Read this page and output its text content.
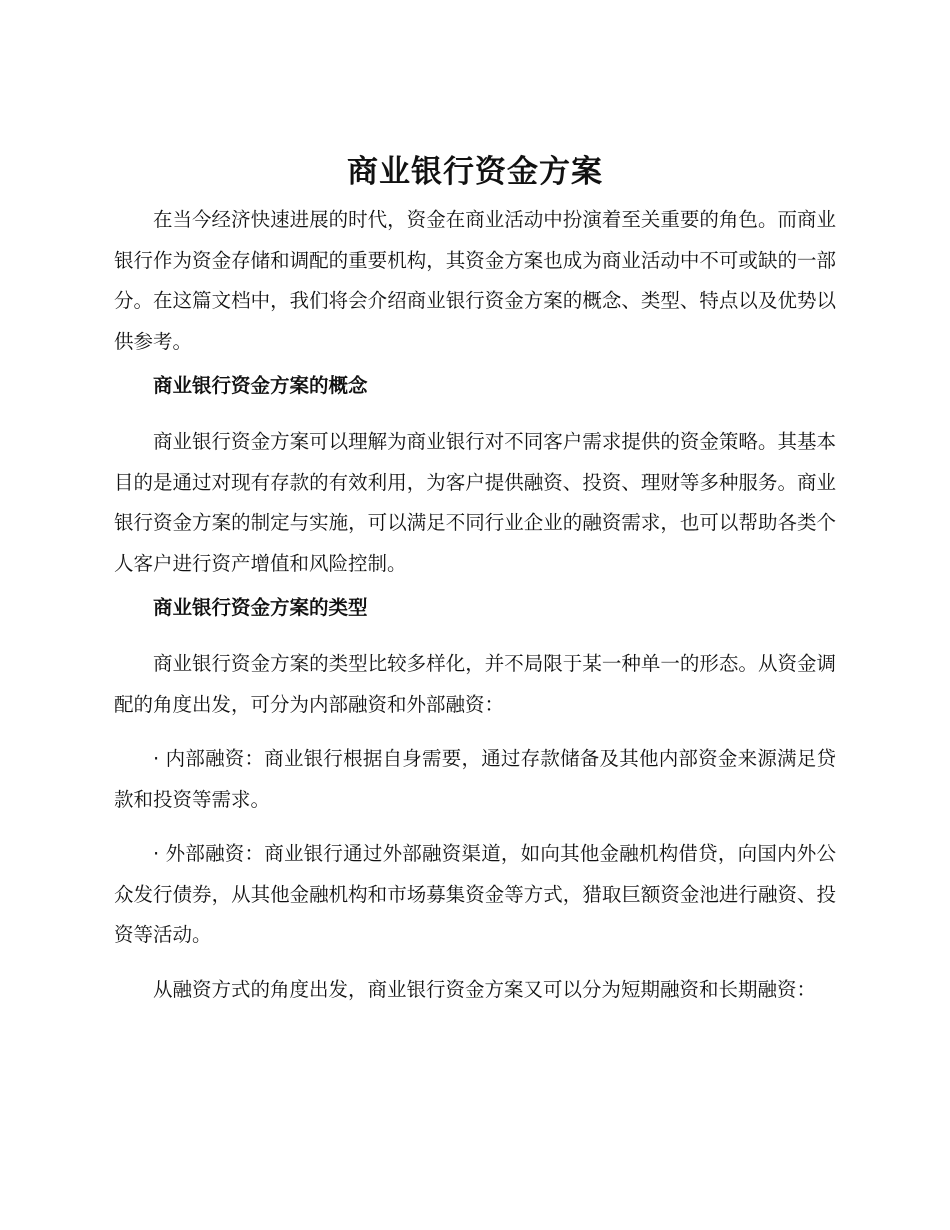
商业银行资金方案

在当今经济快速进展的时代，资金在商业活动中扮演着至关重要的角色。而商业银行作为资金存储和调配的重要机构，其资金方案也成为商业活动中不可或缺的一部分。在这篇文档中，我们将会介绍商业银行资金方案的概念、类型、特点以及优势以供参考。

商业银行资金方案的概念

商业银行资金方案可以理解为商业银行对不同客户需求提供的资金策略。其基本目的是通过对现有存款的有效利用，为客户提供融资、投资、理财等多种服务。商业银行资金方案的制定与实施，可以满足不同行业企业的融资需求，也可以帮助各类个人客户进行资产增值和风险控制。

商业银行资金方案的类型

商业银行资金方案的类型比较多样化，并不局限于某一种单一的形态。从资金调配的角度出发，可分为内部融资和外部融资：

· 内部融资：商业银行根据自身需要，通过存款储备及其他内部资金来源满足贷款和投资等需求。

· 外部融资：商业银行通过外部融资渠道，如向其他金融机构借贷，向国内外公众发行债券，从其他金融机构和市场募集资金等方式，猎取巨额资金池进行融资、投资等活动。

从融资方式的角度出发，商业银行资金方案又可以分为短期融资和长期融资：
